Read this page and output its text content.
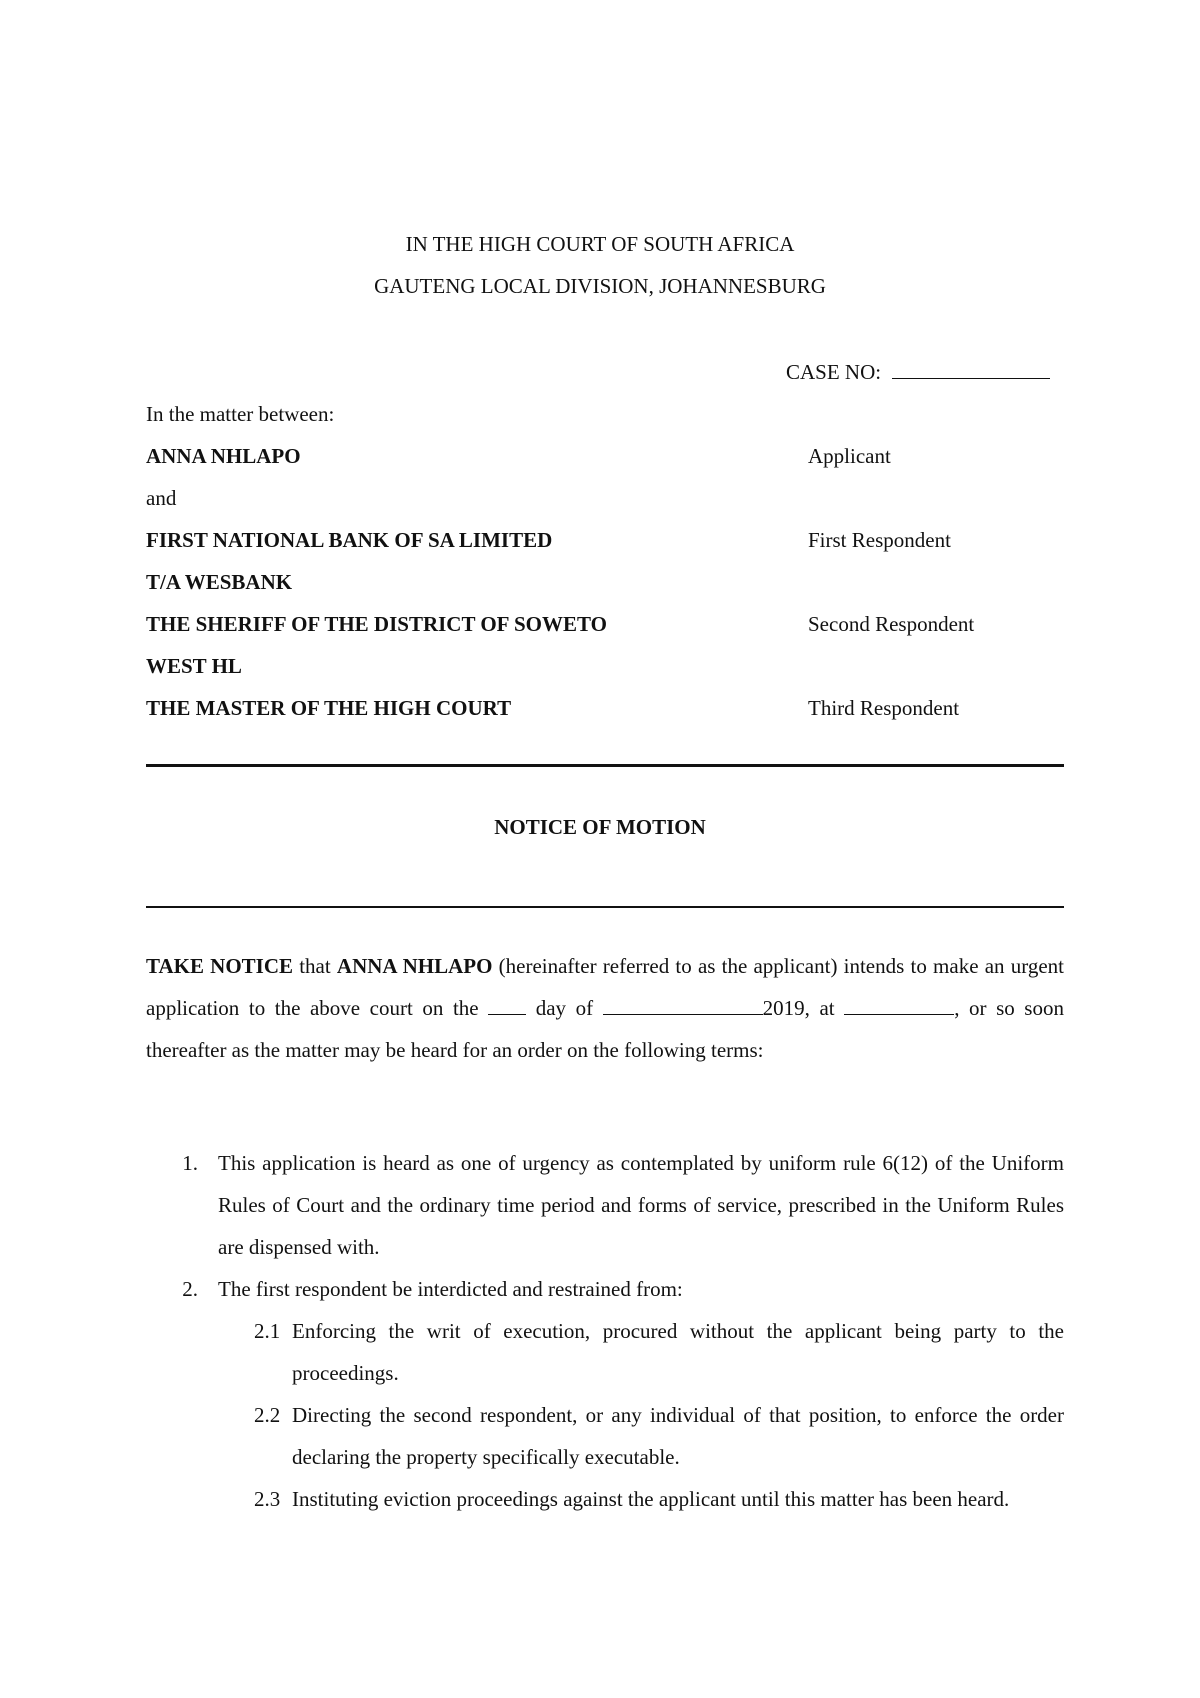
IN THE HIGH COURT OF SOUTH AFRICA
GAUTENG LOCAL DIVISION, JOHANNESBURG
CASE NO:
In the matter between:
ANNA NHLAPO	Applicant
and
FIRST NATIONAL BANK OF SA LIMITED	First Respondent
T/A WESBANK
THE SHERIFF OF THE DISTRICT OF SOWETO	Second Respondent
WEST HL
THE MASTER OF THE HIGH COURT	Third Respondent
NOTICE OF MOTION
TAKE NOTICE that ANNA NHLAPO (hereinafter referred to as the applicant) intends to make an urgent application to the above court on the  day of	2019, at	, or so soon thereafter as the matter may be heard for an order on the following terms:
1. This application is heard as one of urgency as contemplated by uniform rule 6(12) of the Uniform Rules of Court and the ordinary time period and forms of service, prescribed in the Uniform Rules are dispensed with.
2. The first respondent be interdicted and restrained from:
2.1 Enforcing the writ of execution, procured without the applicant being party to the proceedings.
2.2 Directing the second respondent, or any individual of that position, to enforce the order declaring the property specifically executable.
2.3 Instituting eviction proceedings against the applicant until this matter has been heard.
